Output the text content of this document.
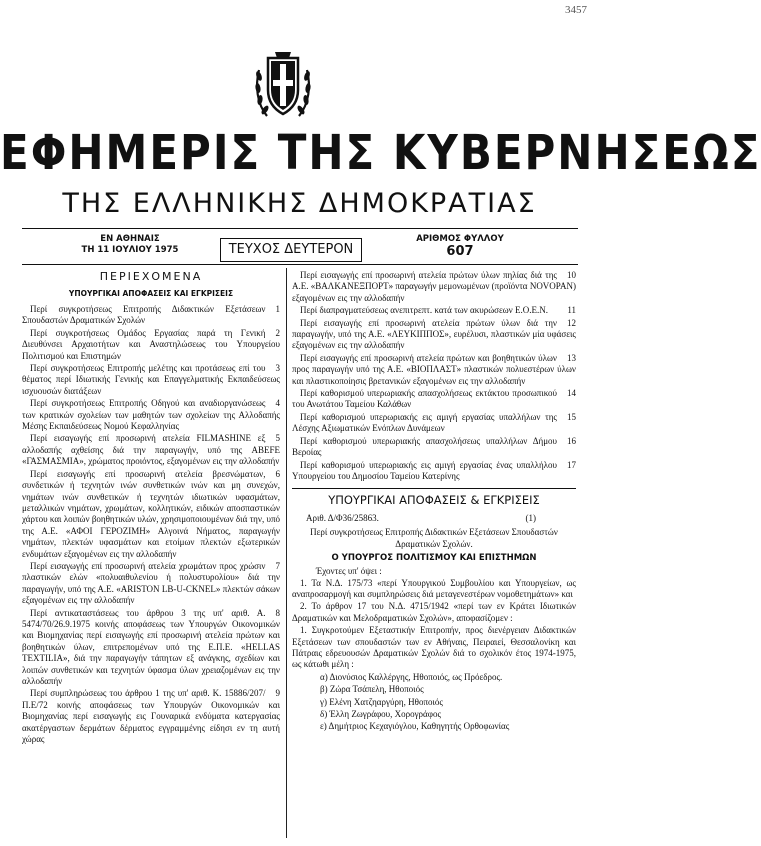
3457
ΕΦΗΜΕΡΙΣ ΤΗΣ ΚΥΒΕΡΝΗΣΕΩΣ
ΤΗΣ ΕΛΛΗΝΙΚΗΣ ΔΗΜΟΚΡΑΤΙΑΣ
ΕΝ ΑΘΗΝΑΙΣ
ΤΗ 11 ΙΟΥΛΙΟΥ 1975	ΤΕΥΧΟΣ ΔΕΥΤΕΡΟΝ
ΑΡΙΘΜΟΣ ΦΥΛΛΟΥ
607
ΠΕΡΙΕΧΟΜΕΝΑ
ΥΠΟΥΡΓΙΚΑΙ ΑΠΟΦΑΣΕΙΣ ΚΑΙ ΕΓΚΡΙΣΕΙΣ

1
Περί συγκροτήσεως Επιτροπής Διδακτικών Εξετάσεων Σπουδαστών Δραματικών Σχολών

2
Περί συγκροτήσεως Ομάδος Εργασίας παρά τη Γενική Διευθύνσει Αρχαιοτήτων και Αναστηλώσεως του Υπουργείου Πολιτισμού και Επιστημών

3
Περί συγκροτήσεως Επιτροπής μελέτης και προτάσεως επί του θέματος περί Ιδιωτικής Γενικής και Επαγγελματικής Εκπαιδεύσεως ισχυουσών διατάξεων

4
Περί συγκροτήσεως Επιτροπής Οδηγού και αναδιοργανώσεως των κρατικών σχολείων των μαθητών των σχολείων της Αλλοδαπής Μέσης Εκπαιδεύσεως Νομού Κεφαλληνίας

5
Περί εισαγωγής επί προσωρινή ατελεία FILMASHINE εξ αλλοδαπής αχθείσης διά την παραγωγήν, υπό της ABEFE «ΓΑΣΜΑΣΜΙΑ», χρώματος προιόντος, εξαγομένων εις την αλλοδαπήν

6
Περί εισαγωγής επί προσωρινή ατελεία βρεσνώματων, συνδετικών ή τεχνητών ινών συνθετικών ινών και μη συνεχών, νημάτων ινών συνθετικών ή τεχνητών ιδιωτικών υφασμάτων, μεταλλικών νημάτων, χρωμάτων, κολλητικών, ειδικών αποσπαστικών χάρτου και λοιπών βοηθητικών υλών, χρησιμοποιουμένων διά την, υπό της Α.Ε. «ΑΦΟΙ ΓΕΡΟΖΙΜΗ» Αλγοινά Νήματος, παραγωγήν νημάτων, πλεκτών υφασμάτων και ετοίμων πλεκτών εξωτερικών ενδυμάτων εξαγομένων εις την αλλοδαπήν

7
Περί εισαγωγής επί προσωρινή ατελεία χρωμάτων προς χρώσιν πλαστικών ελών «πολυαιθυλενίου ή πολυστυρολίου» διά την παραγωγήν, υπό της Α.Ε. «ARISTON LB-U-CKNEL» πλεκτών σάκων εξαγομένων εις την αλλοδαπήν

8
Περί αντικαταστάσεως του άρθρου 3 της υπ' αριθ. Α. 5474/70/26.9.1975 κοινής αποφάσεως των Υπουργών Οικονομικών και Βιομηχανίας περί εισαγωγής επί προσωρινή ατελεία πρώτων και βοηθητικών ύλων, επιτρεπομένων υπό της Ε.Π.Ε. «HELLAS TEXTILIA», διά την παραγωγήν τάπητων εξ ανάγκης, σχεδίων και λοιπών συνθετικών και τεχνητών ύφασμα ύλων χρειαζομένων εις την αλλοδαπήν

9
Περί συμπληρώσεως του άρθρου 1 της υπ' αριθ. Κ. 15886/207/Π.Ε/72 κοινής αποφάσεως των Υπουργών Οικονομικών και Βιομηχανίας περί εισαγωγής εις Γουναρικά ενδύματα κατεργασίας ακατέργαστων δερμάτων δέρματος εγγραμμένης είδησι εν τη αυτή χώρας

10
Περί εισαγωγής επί προσωρινή ατελεία πρώτων ύλων πηλίας διά της Α.Ε. «ΒΑΛΚΑΝΕΞΠΟΡΤ» παραγωγήν μεμονωμένων (προϊόντα NOVOPAN) εξαγομένων εις την αλλοδαπήν

11
Περί διαπραγματεύσεως ανεπιτρεπτ. κατά των ακυρώσεων Ε.Ο.Ε.Ν.

12
Περί εισαγωγής επί προσωρινή ατελεία πρώτων ύλων διά την παραγωγήν, υπό της Α.Ε. «ΛΕΥΚΙΠΠΟΣ», ευρέλυσι, πλαστικών μία υφάσεις εξαγομένων εις την αλλοδαπήν

13
Περί εισαγωγής επί προσωρινή ατελεία πρώτων και βοηθητικών ύλων προς παραγωγήν υπό της Α.Ε. «ΒΙΟΠΛΑΣΤ» πλαστικών πολυεστέρων ύλων και πλαστικοποίησις βρετανικών εξαγομένων εις την αλλοδαπήν

14
Περί καθορισμού υπερωριακής απασχολήσεως εκτάκτου προσωπικού του Ανωτάτου Ταμείου Καλάθων

15
Περί καθορισμού υπερωριακής εις αμιγή εργασίας υπαλλήλων της Λέσχης Αξιωματικών Ενόπλων Δυνάμεων

16
Περί καθορισμού υπερωριακής απασχολήσεως υπαλλήλων Δήμου Βεροίας

17
Περί καθορισμού υπερωριακής εις αμιγή εργασίας ένας υπαλλήλου Υπουργείου του Δημοσίου Ταμείου Κατερίνης

ΥΠΟΥΡΓΙΚΑΙ ΑΠΟΦΑΣΕΙΣ & ΕΓΚΡΙΣΕΙΣ
Αριθ. Δ/Φ36/25863.	(1)
Περί συγκροτήσεως Επιτροπής Διδακτικών Εξετάσεων Σπουδαστών Δραματικών Σχολών.
Ο ΥΠΟΥΡΓΟΣ ΠΟΛΙΤΙΣΜΟΥ ΚΑΙ ΕΠΙΣΤΗΜΩΝ
Έχοντες υπ' όψει :

1. Τα Ν.Δ. 175/73 «περί Υπουργικού Συμβουλίου και Υπουργείων, ως αναπροσαρμογή και συμπληρώσεις διά μεταγενεστέρων νομοθετημάτων» και

2. Το άρθρον 17 του Ν.Δ. 4715/1942 «περί των εν Κράτει Ιδιωτικών Δραματικών και Μελοδραματικών Σχολών», αποφασίζομεν :

1. Συγκροτούμεν Εξεταστικήν Επιτροπήν, προς διενέργειαν Διδακτικών Εξετάσεων των σπουδαστών των εν Αθήναις, Πειραιεί, Θεσσαλονίκη και Πάτραις εδρευουσών Δραματικών Σχολών διά το σχολικόν έτος 1974-1975, ως κάτωθι μέλη :

α) Διονύσιος Καλλέργης, Ηθοποιός, ως Πρόεδρος.

β) Ζώρα Τσάπελη, Ηθοποιός

γ) Ελένη Χατζηαργύρη, Ηθοποιός

δ) Έλλη Ζωγράφου, Χορογράφος

ε) Δημήτριος Κεχαγιόγλου, Καθηγητής Ορθοφωνίας
